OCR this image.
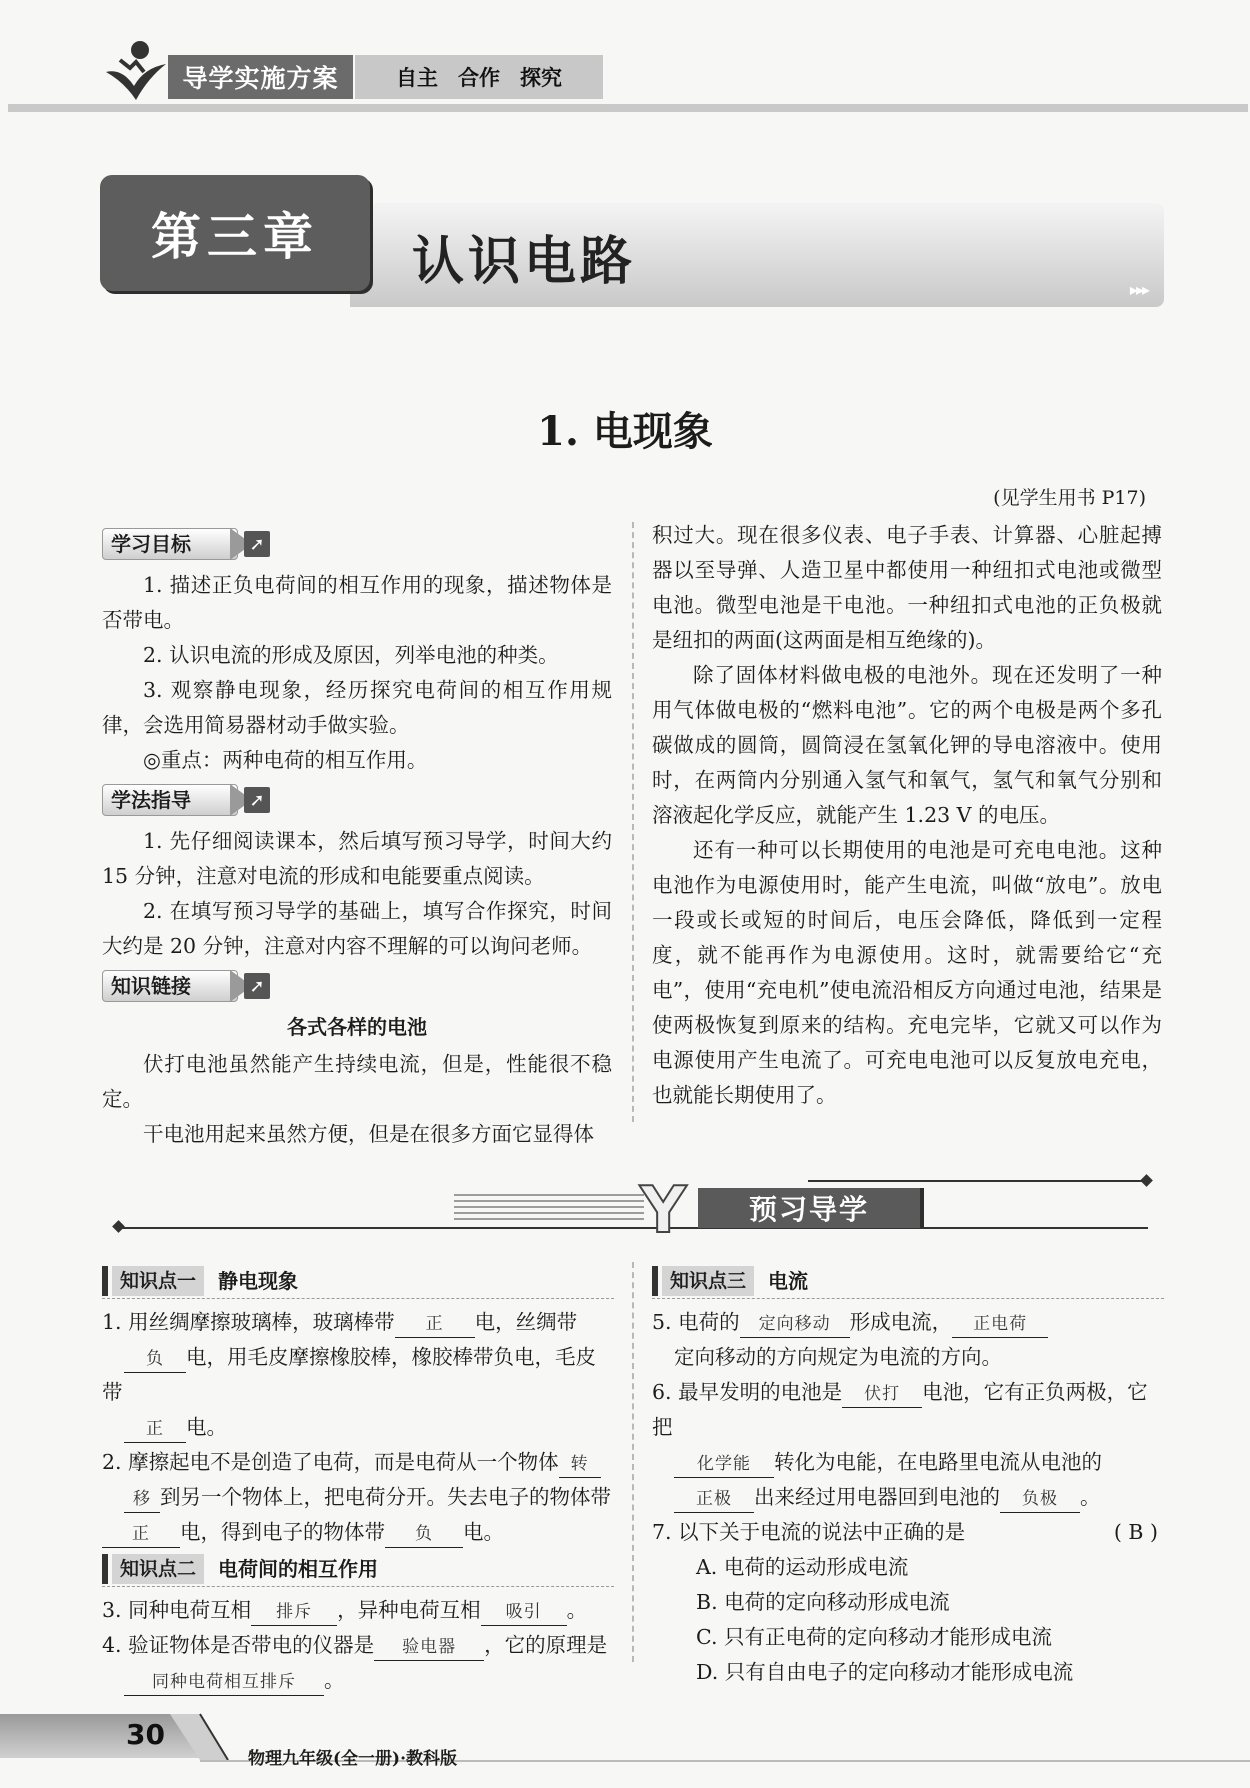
导学实施方案	自主 合作 探究
▸▸▸
第三章	认识电路
1. 电现象
(见学生用书 P17)
学习目标	➚

1. 描述正负电荷间的相互作用的现象，描述物体是否带电。

2. 认识电流的形成及原因，列举电池的种类。

3. 观察静电现象，经历探究电荷间的相互作用规律，会选用简易器材动手做实验。

◎重点：两种电荷的相互作用。

学法指导	➚

1. 先仔细阅读课本，然后填写预习导学，时间大约 15 分钟，注意对电流的形成和电能要重点阅读。

2. 在填写预习导学的基础上，填写合作探究，时间大约是 20 分钟，注意对内容不理解的可以询问老师。

知识链接	➚
各式各样的电池

伏打电池虽然能产生持续电流，但是，性能很不稳定。

干电池用起来虽然方便，但是在很多方面它显得体

积过大。现在很多仪表、电子手表、计算器、心脏起搏器以至导弹、人造卫星中都使用一种纽扣式电池或微型电池。微型电池是干电池。一种纽扣式电池的正负极就是纽扣的两面(这两面是相互绝缘的)。

除了固体材料做电极的电池外。现在还发明了一种用气体做电极的“燃料电池”。它的两个电极是两个多孔碳做成的圆筒，圆筒浸在氢氧化钾的导电溶液中。使用时，在两筒内分别通入氢气和氧气，氢气和氧气分别和溶液起化学反应，就能产生 1.23 V 的电压。

还有一种可以长期使用的电池是可充电电池。这种电池作为电源使用时，能产生电流，叫做“放电”。放电一段或长或短的时间后，电压会降低，降低到一定程度，就不能再作为电源使用。这时，就需要给它“充电”，使用“充电机”使电流沿相反方向通过电池，结果是使两极恢复到原来的结构。充电完毕，它就又可以作为电源使用产生电流了。可充电电池可以反复放电充电，也就能长期使用了。

预习导学
Y
知识点一	静电现象
1. 用丝绸摩擦玻璃棒，玻璃棒带 正 电，丝绸带
负 电，用毛皮摩擦橡胶棒，橡胶棒带负电，毛皮带
正 电。
2. 摩擦起电不是创造了电荷，而是电荷从一个物体 转
移 到另一个物体上，把电荷分开。失去电子的物体带正 电，得到电子的物体带 负 电。
知识点二	电荷间的相互作用
3. 同种电荷互相 排斥 ，异种电荷互相 吸引 。
4. 验证物体是否带电的仪器是 验电器 ，它的原理是
同种电荷相互排斥 。
知识点三	电流
5. 电荷的 定向移动 形成电流， 正电荷
定向移动的方向规定为电流的方向。
6. 最早发明的电池是 伏打 电池，它有正负两极，它把
化学能 转化为电能，在电路里电流从电池的
正极 出来经过用电器回到电池的 负极 。
7. 以下关于电流的说法中正确的是	( B )
A. 电荷的运动形成电流
B. 电荷的定向移动形成电流
C. 只有正电荷的定向移动才能形成电流
D. 只有自由电子的定向移动才能形成电流
30
物理九年级(全一册)·教科版
